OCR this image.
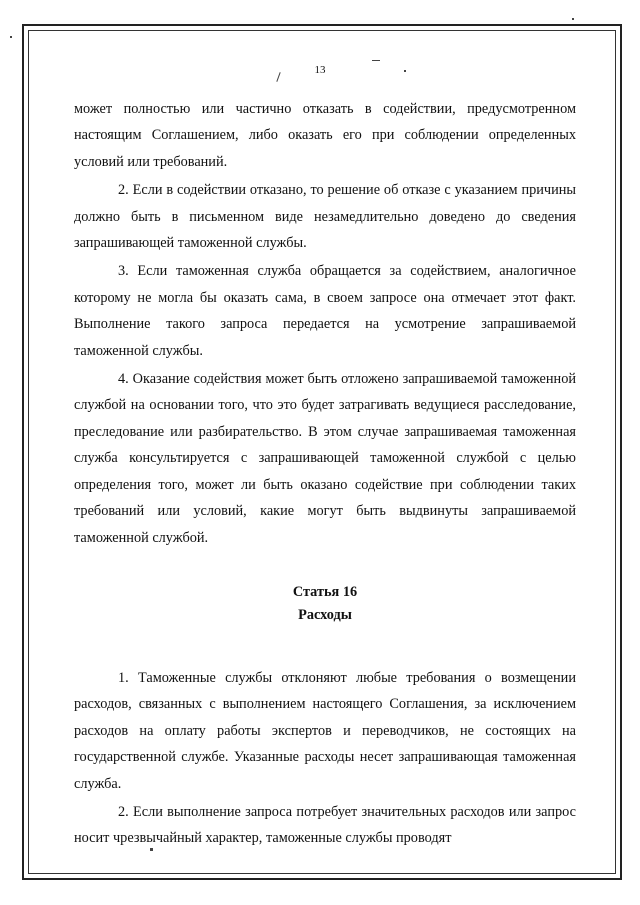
13

может полностью или частично отказать в содействии, предусмотренном настоящим Соглашением, либо оказать его при соблюдении определенных условий или требований.

2. Если в содействии отказано, то решение об отказе с указанием причины должно быть в письменном виде незамедлительно доведено до сведения запрашивающей таможенной службы.

3. Если таможенная служба обращается за содействием, аналогичное которому не могла бы оказать сама, в своем запросе она отмечает этот факт. Выполнение такого запроса передается на усмотрение запрашиваемой таможенной службы.

4. Оказание содействия может быть отложено запрашиваемой таможенной службой на основании того, что это будет затрагивать ведущиеся расследование, преследование или разбирательство. В этом случае запрашиваемая таможенная служба консультируется с запрашивающей таможенной службой с целью определения того, может ли быть оказано содействие при соблюдении таких требований или условий, какие могут быть выдвинуты запрашиваемой таможенной службой.

Статья 16

Расходы

1. Таможенные службы отклоняют любые требования о возмещении расходов, связанных с выполнением настоящего Соглашения, за исключением расходов на оплату работы экспертов и переводчиков, не состоящих на государственной службе. Указанные расходы несет запрашивающая таможенная служба.

2. Если выполнение запроса потребует значительных расходов или запрос носит чрезвычайный характер, таможенные службы проводят
